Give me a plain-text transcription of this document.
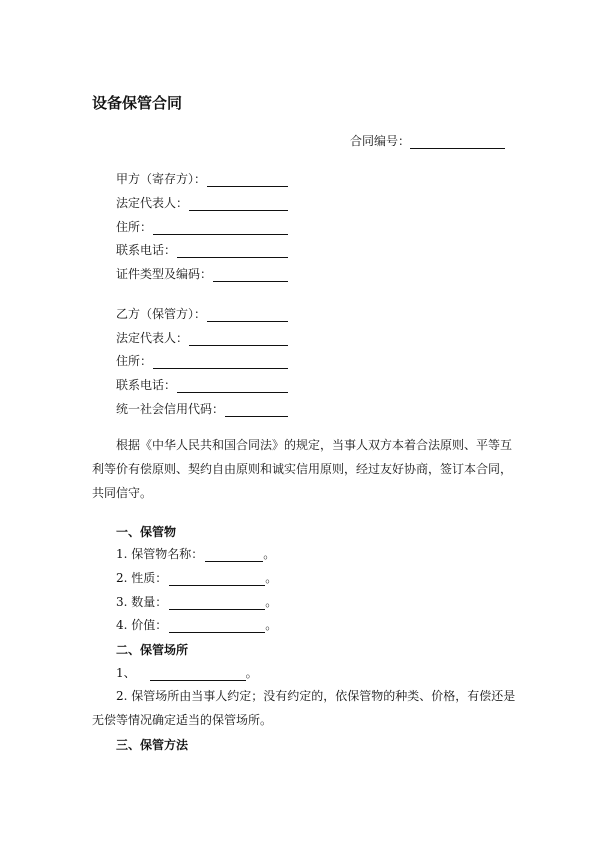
设备保管合同
合同编号：
甲方（寄存方）：
法定代表人：
住所：
联系电话：
证件类型及编码：
乙方（保管方）：
法定代表人：
住所：
联系电话：
统一社会信用代码：
根据《中华人民共和国合同法》的规定，当事人双方本着合法原则、平等互
利等价有偿原则、契约自由原则和诚实信用原则，经过友好协商，签订本合同，
共同信守。
一、保管物
1. 保管物名称：	。
2. 性质：	。
3. 数量：	。
4. 价值：	。
二、保管场所
1、	。
2. 保管场所由当事人约定；没有约定的，依保管物的种类、价格，有偿还是
无偿等情况确定适当的保管场所。
三、保管方法
